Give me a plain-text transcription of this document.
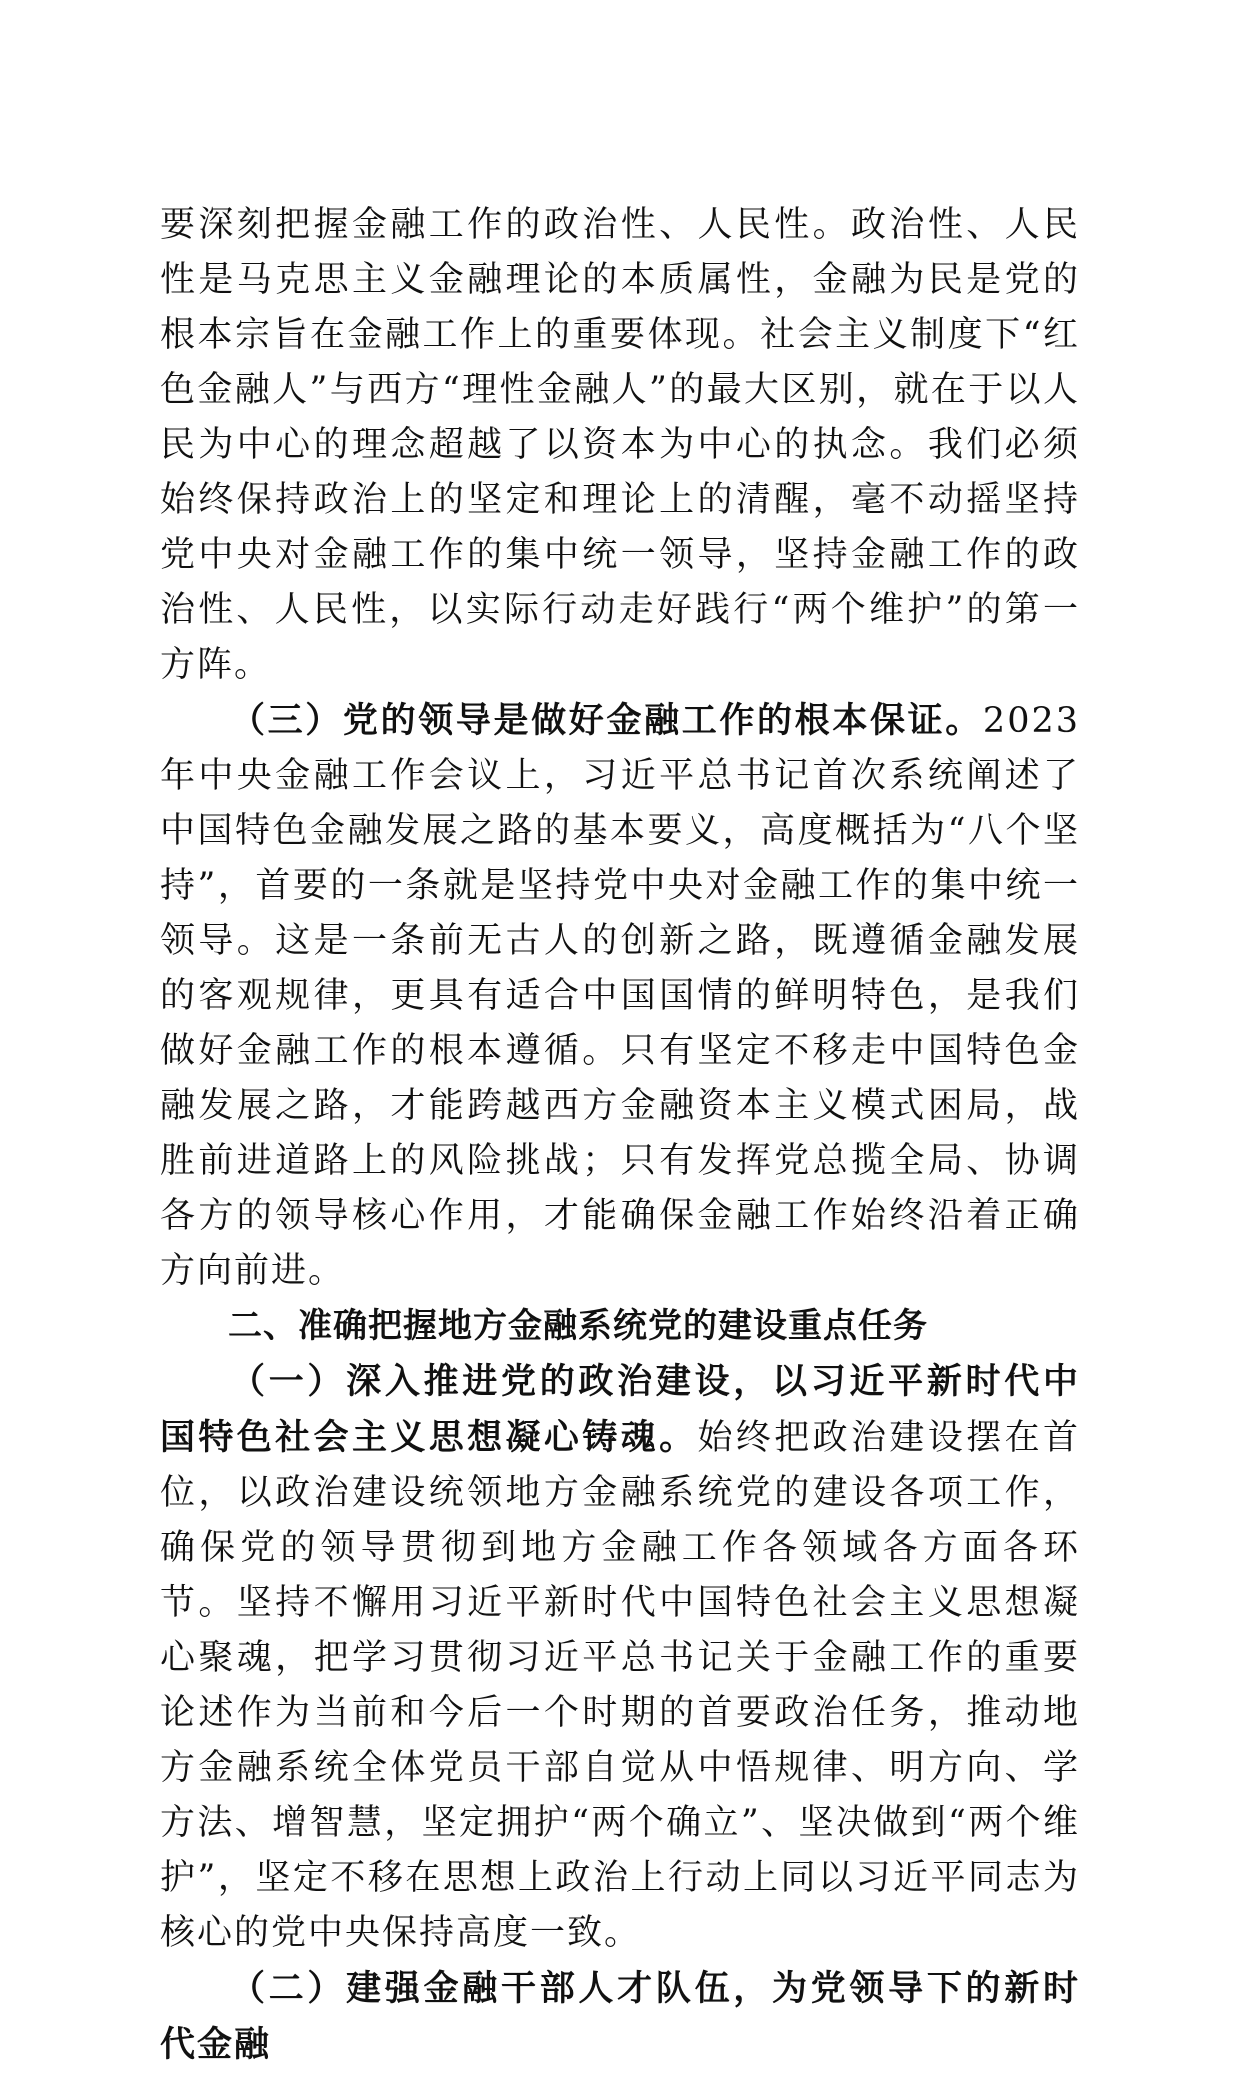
要深刻把握金融工作的政治性、人民性。政治性、人民性是马克思主义金融理论的本质属性，金融为民是党的根本宗旨在金融工作上的重要体现。社会主义制度下“红色金融人”与西方“理性金融人”的最大区别，就在于以人民为中心的理念超越了以资本为中心的执念。我们必须始终保持政治上的坚定和理论上的清醒，毫不动摇坚持党中央对金融工作的集中统一领导，坚持金融工作的政治性、人民性，以实际行动走好践行“两个维护”的第一方阵。

（三）党的领导是做好金融工作的根本保证。2023年中央金融工作会议上，习近平总书记首次系统阐述了中国特色金融发展之路的基本要义，高度概括为“八个坚持”，首要的一条就是坚持党中央对金融工作的集中统一领导。这是一条前无古人的创新之路，既遵循金融发展的客观规律，更具有适合中国国情的鲜明特色，是我们做好金融工作的根本遵循。只有坚定不移走中国特色金融发展之路，才能跨越西方金融资本主义模式困局，战胜前进道路上的风险挑战；只有发挥党总揽全局、协调各方的领导核心作用，才能确保金融工作始终沿着正确方向前进。

二、准确把握地方金融系统党的建设重点任务

（一）深入推进党的政治建设，以习近平新时代中国特色社会主义思想凝心铸魂。始终把政治建设摆在首位，以政治建设统领地方金融系统党的建设各项工作，确保党的领导贯彻到地方金融工作各领域各方面各环节。坚持不懈用习近平新时代中国特色社会主义思想凝心聚魂，把学习贯彻习近平总书记关于金融工作的重要论述作为当前和今后一个时期的首要政治任务，推动地方金融系统全体党员干部自觉从中悟规律、明方向、学方法、增智慧，坚定拥护“两个确立”、坚决做到“两个维护”，坚定不移在思想上政治上行动上同以习近平同志为核心的党中央保持高度一致。

（二）建强金融干部人才队伍，为党领导下的新时代金融
